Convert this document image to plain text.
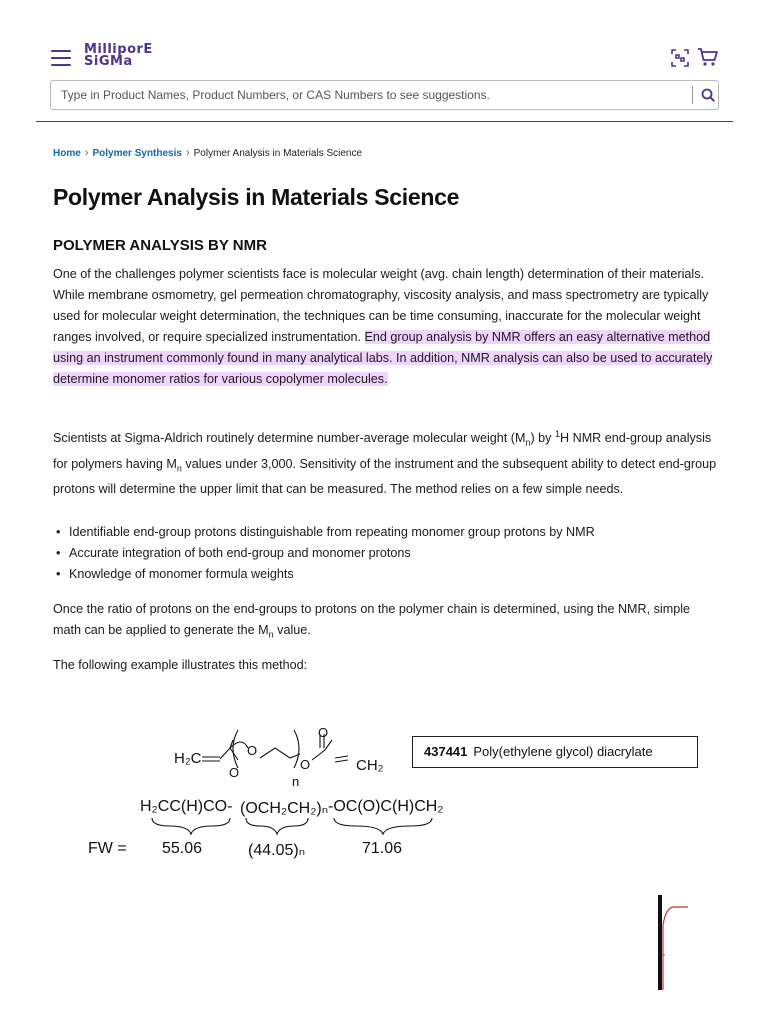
MilliporE
SiGMa
Type in Product Names, Product Numbers, or CAS Numbers to see suggestions.
Home › Polymer Synthesis › Polymer Analysis in Materials Science
Polymer Analysis in Materials Science
POLYMER ANALYSIS BY NMR

One of the challenges polymer scientists face is molecular weight (avg. chain length) determination of their materials. While membrane osmometry, gel permeation chromatography, viscosity analysis, and mass spectrometry are typically used for molecular weight determination, the techniques can be time consuming, inaccurate for the molecular weight ranges involved, or require specialized instrumentation. End group analysis by NMR offers an easy alternative method using an instrument commonly found in many analytical labs. In addition, NMR analysis can also be used to accurately determine monomer ratios for various copolymer molecules.

Scientists at Sigma-Aldrich routinely determine number-average molecular weight $(M_n)$ by $^1$H NMR end-group analysis for polymers having $M_n$ values under 3,000. Sensitivity of the instrument and the subsequent ability to detect end-group protons will determine the upper limit that can be measured. The method relies on a few simple needs.

• Identifiable end-group protons distinguishable from repeating monomer group protons by NMR
• Accurate integration of both end-group and monomer protons
• Knowledge of monomer formula weights

Once the ratio of protons on the end-groups to protons on the polymer chain is determined, using the NMR, simple math can be applied to generate the $M_n$ value.

The following example illustrates this method:

H₂C
O
O
O
O
n
CH₂
437441 Poly(ethylene glycol) diacrylate
H₂CC(H)CO- (OCH₂CH₂)ₙ -OC(O)C(H)CH₂
FW = 55.06	(44.05)ₙ	71.06
